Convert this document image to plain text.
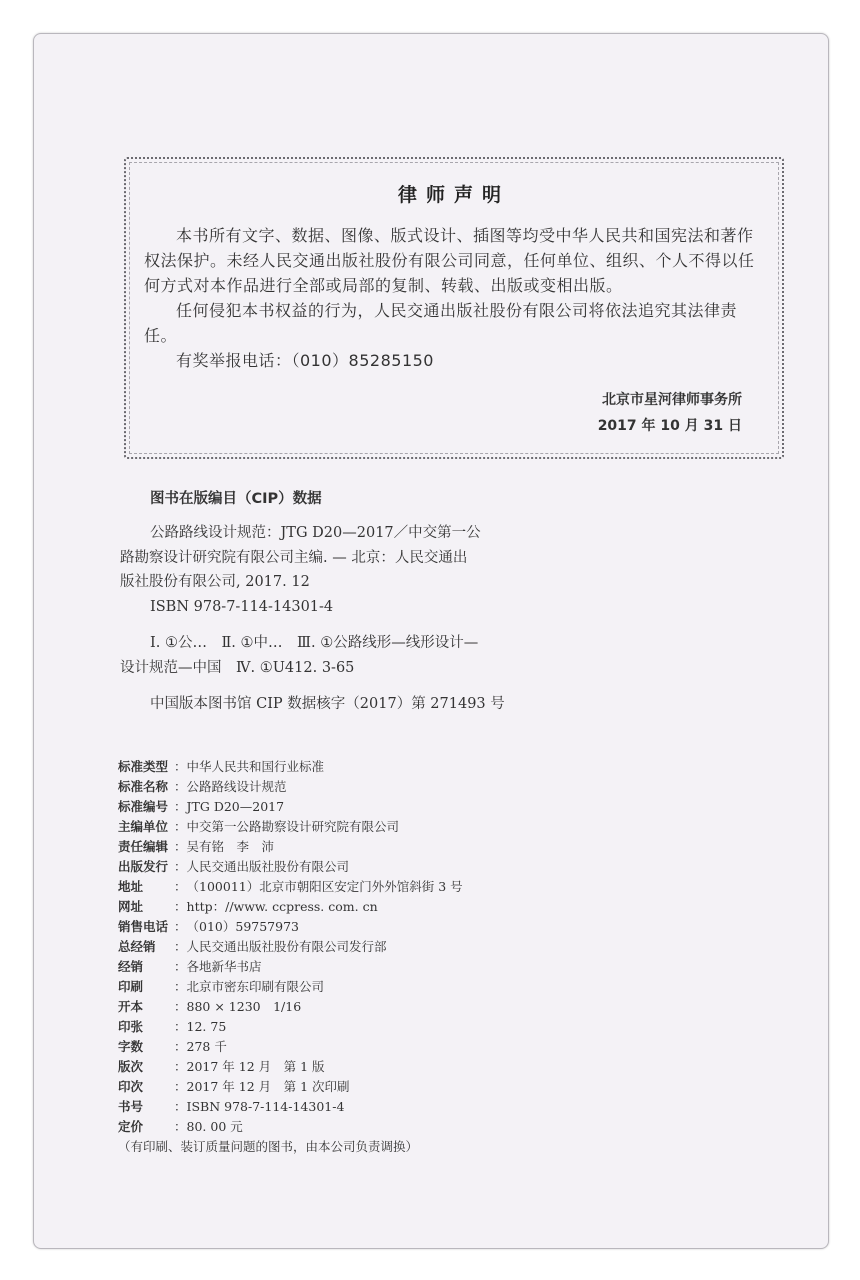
律师声明

本书所有文字、数据、图像、版式设计、插图等均受中华人民共和国宪法和著作权法保护。未经人民交通出版社股份有限公司同意，任何单位、组织、个人不得以任何方式对本作品进行全部或局部的复制、转载、出版或变相出版。

任何侵犯本书权益的行为，人民交通出版社股份有限公司将依法追究其法律责任。

有奖举报电话：（010）85285150

北京市星河律师事务所
2017 年 10 月 31 日
图书在版编目（CIP）数据
公路路线设计规范：JTG D20—2017／中交第一公
路勘察设计研究院有限公司主编. — 北京：人民交通出
版社股份有限公司, 2017. 12
ISBN 978-7-114-14301-4
Ⅰ. ①公…　Ⅱ. ①中…　Ⅲ. ①公路线形—线形设计—
设计规范—中国　Ⅳ. ①U412. 3-65
中国版本图书馆 CIP 数据核字（2017）第 271493 号
标准类型 ： 中华人民共和国行业标准
标准名称 ： 公路路线设计规范
标准编号 ： JTG D20—2017
主编单位 ： 中交第一公路勘察设计研究院有限公司
责任编辑 ： 吴有铭　李　沛
出版发行 ： 人民交通出版社股份有限公司
地址	： （100011）北京市朝阳区安定门外外馆斜街 3 号
网址	： http：//www. ccpress. com. cn
销售电话 ： （010）59757973
总经销	： 人民交通出版社股份有限公司发行部
经销	： 各地新华书店
印刷	： 北京市密东印刷有限公司
开本	： 880 × 1230　1/16
印张	： 12. 75
字数	： 278 千
版次	： 2017 年 12 月　第 1 版
印次	： 2017 年 12 月　第 1 次印刷
书号	： ISBN 978-7-114-14301-4
定价	： 80. 00 元
（有印刷、装订质量问题的图书，由本公司负责调换）
